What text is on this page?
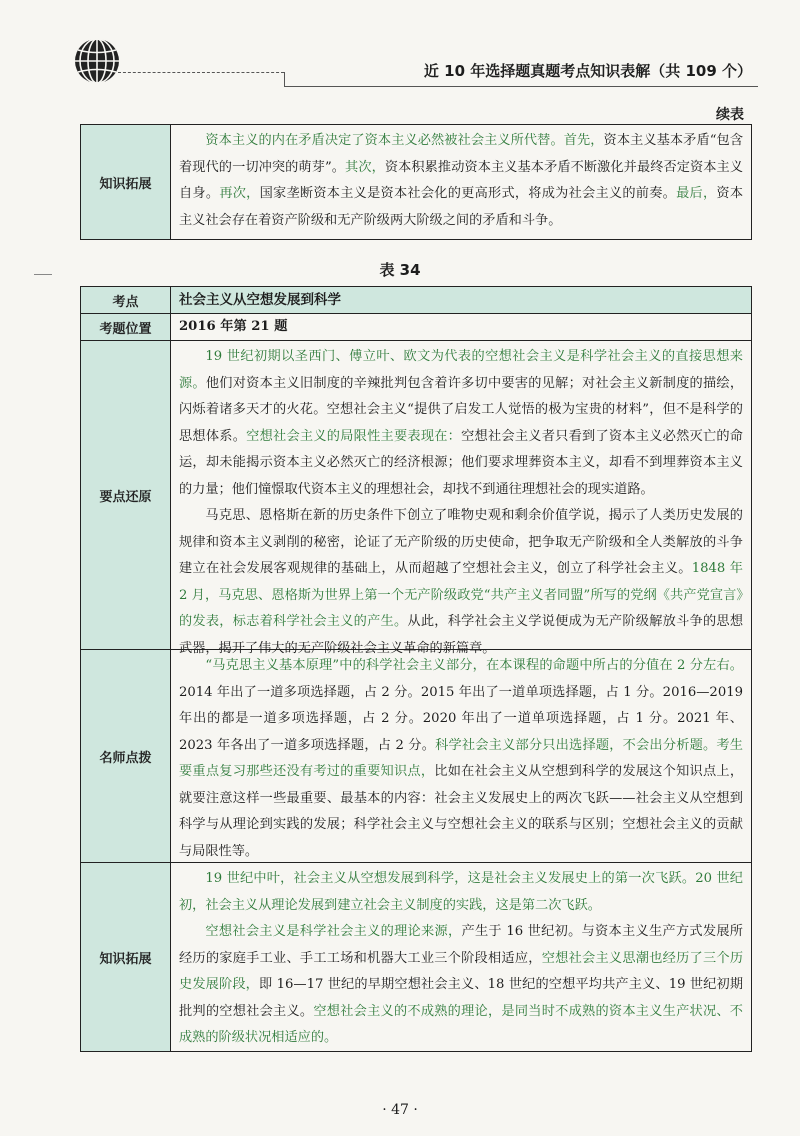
近 10 年选择题真题考点知识表解（共 109 个）
续表
知识拓展

资本主义的内在矛盾决定了资本主义必然被社会主义所代替。首先，资本主义基本矛盾“包含着现代的一切冲突的萌芽”。其次，资本积累推动资本主义基本矛盾不断激化并最终否定资本主义自身。再次，国家垄断资本主义是资本社会化的更高形式，将成为社会主义的前奏。最后，资本主义社会存在着资产阶级和无产阶级两大阶级之间的矛盾和斗争。

表 34
考点	社会主义从空想发展到科学
考题位置	2016 年第 21 题
要点还原

19 世纪初期以圣西门、傅立叶、欧文为代表的空想社会主义是科学社会主义的直接思想来源。他们对资本主义旧制度的辛辣批判包含着许多切中要害的见解；对社会主义新制度的描绘，闪烁着诸多天才的火花。空想社会主义“提供了启发工人觉悟的极为宝贵的材料”，但不是科学的思想体系。空想社会主义的局限性主要表现在：空想社会主义者只看到了资本主义必然灭亡的命运，却未能揭示资本主义必然灭亡的经济根源；他们要求埋葬资本主义，却看不到埋葬资本主义的力量；他们憧憬取代资本主义的理想社会，却找不到通往理想社会的现实道路。

马克思、恩格斯在新的历史条件下创立了唯物史观和剩余价值学说，揭示了人类历史发展的规律和资本主义剥削的秘密，论证了无产阶级的历史使命，把争取无产阶级和全人类解放的斗争建立在社会发展客观规律的基础上，从而超越了空想社会主义，创立了科学社会主义。1848 年 2 月，马克思、恩格斯为世界上第一个无产阶级政党“共产主义者同盟”所写的党纲《共产党宣言》的发表，标志着科学社会主义的产生。从此，科学社会主义学说便成为无产阶级解放斗争的思想武器，揭开了伟大的无产阶级社会主义革命的新篇章。

名师点拨

“马克思主义基本原理”中的科学社会主义部分，在本课程的命题中所占的分值在 2 分左右。2014 年出了一道多项选择题，占 2 分。2015 年出了一道单项选择题，占 1 分。2016—2019 年出的都是一道多项选择题，占 2 分。2020 年出了一道单项选择题，占 1 分。2021 年、2023 年各出了一道多项选择题，占 2 分。科学社会主义部分只出选择题，不会出分析题。考生要重点复习那些还没有考过的重要知识点，比如在社会主义从空想到科学的发展这个知识点上，就要注意这样一些最重要、最基本的内容：社会主义发展史上的两次飞跃——社会主义从空想到科学与从理论到实践的发展；科学社会主义与空想社会主义的联系与区别；空想社会主义的贡献与局限性等。

知识拓展

19 世纪中叶，社会主义从空想发展到科学，这是社会主义发展史上的第一次飞跃。20 世纪初，社会主义从理论发展到建立社会主义制度的实践，这是第二次飞跃。

空想社会主义是科学社会主义的理论来源，产生于 16 世纪初。与资本主义生产方式发展所经历的家庭手工业、手工工场和机器大工业三个阶段相适应，空想社会主义思潮也经历了三个历史发展阶段，即 16—17 世纪的早期空想社会主义、18 世纪的空想平均共产主义、19 世纪初期批判的空想社会主义。空想社会主义的不成熟的理论，是同当时不成熟的资本主义生产状况、不成熟的阶级状况相适应的。

· 47 ·
